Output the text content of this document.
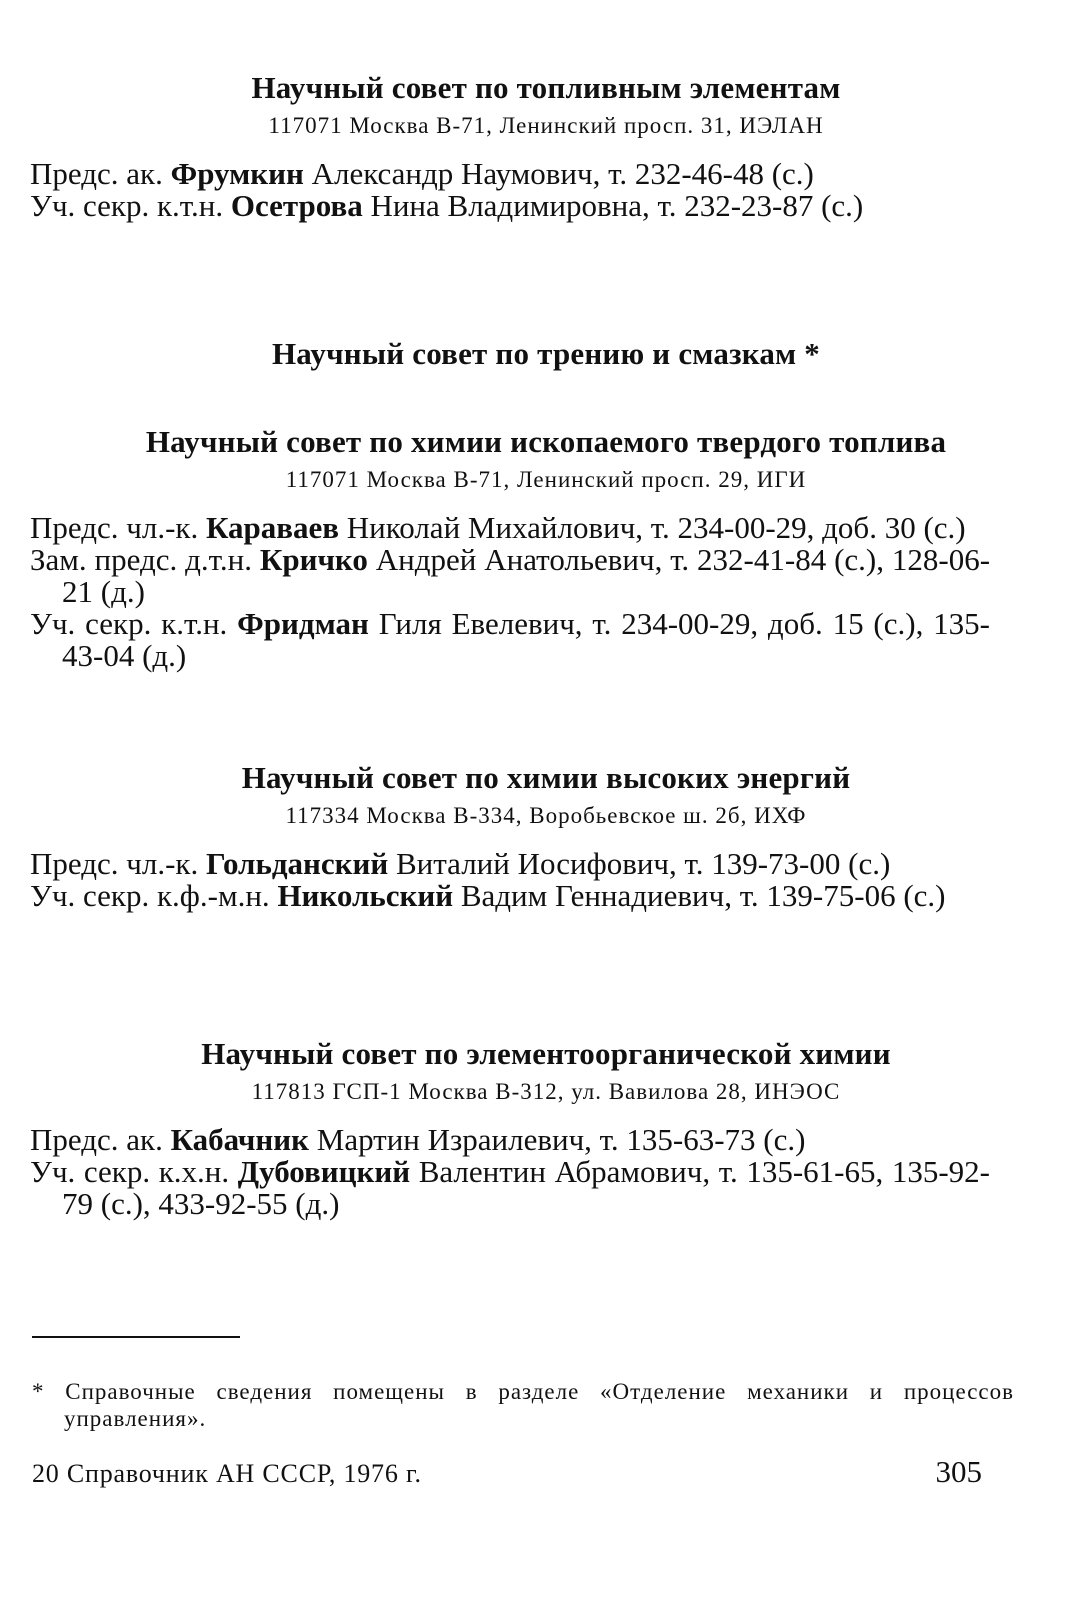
Научный совет по топливным элементам
117071 Москва В-71, Ленинский просп. 31, ИЭЛАН
Предс. ак. Фрумкин Александр Наумович, т. 232-46-48 (с.)
Уч. секр. к.т.н. Осетрова Нина Владимировна, т. 232-23-87 (с.)
Научный совет по трению и смазкам *
Научный совет по химии ископаемого твердого топлива
117071 Москва В-71, Ленинский просп. 29, ИГИ
Предс. чл.-к. Караваев Николай Михайлович, т. 234-00-29, доб. 30 (с.)
Зам. предс. д.т.н. Кричко Андрей Анатольевич, т. 232-41-84 (с.), 128-06-21 (д.)
Уч. секр. к.т.н. Фридман Гиля Евелевич, т. 234-00-29, доб. 15 (с.), 135-43-04 (д.)
Научный совет по химии высоких энергий
117334 Москва В-334, Воробьевское ш. 2б, ИХФ
Предс. чл.-к. Гольданский Виталий Иосифович, т. 139-73-00 (с.)
Уч. секр. к.ф.-м.н. Никольский Вадим Геннадиевич, т. 139-75-06 (с.)
Научный совет по элементоорганической химии
117813 ГСП-1 Москва В-312, ул. Вавилова 28, ИНЭОС
Предс. ак. Кабачник Мартин Израилевич, т. 135-63-73 (с.)
Уч. секр. к.х.н. Дубовицкий Валентин Абрамович, т. 135-61-65, 135-92-79 (с.), 433-92-55 (д.)
* Справочные сведения помещены в разделе «Отделение механики и процессов управления».
20 Справочник АН СССР, 1976 г.	305
